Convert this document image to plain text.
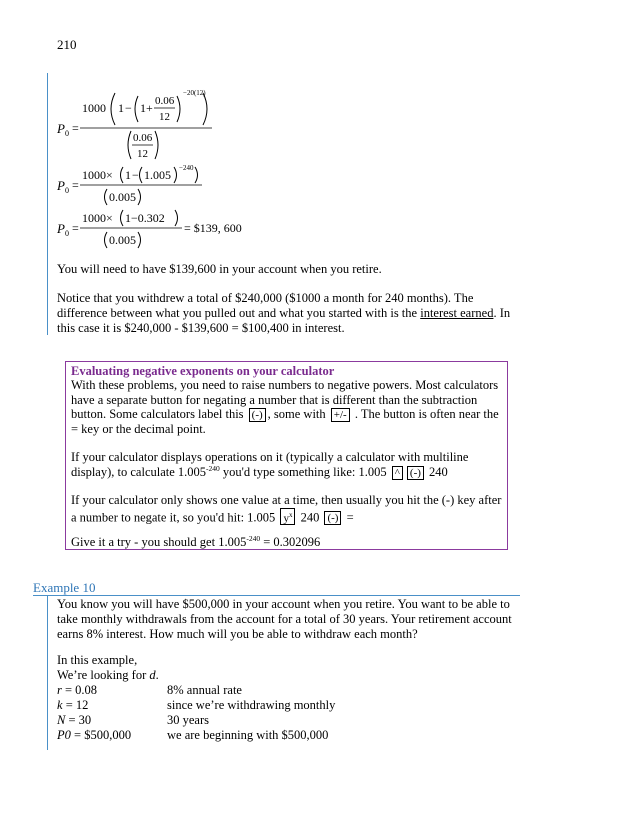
210
P 0 =
1000 1 − 1 + 0.06
12
−20(12)
0.06
12
P 0 =
1000× 1 − 1.005 −240
0.005
P 0 =
1000× 1−0.302
0.005
= $139, 600
You will need to have $139,600 in your account when you retire.
Notice that you withdrew a total of $240,000 ($1000 a month for 240 months). The
difference between what you pulled out and what you started with is the interest earned. In
this case it is $240,000 - $139,600 = $100,400 in interest.
Evaluating negative exponents on your calculator
With these problems, you need to raise numbers to negative powers. Most calculators
have a separate button for negating a number that is different than the subtraction
button. Some calculators label this (-) , some with +/- . The button is often near the
= key or the decimal point.
If your calculator displays operations on it (typically a calculator with multiline
display), to calculate $1.005^{-240}$ you'd type something like: 1.005 ^ (-) 240
If your calculator only shows one value at a time, then usually you hit the (-) key after
a number to negate it, so you'd hit: 1.005 $y^x$ 240 (-) =
Give it a try - you should get $1.005^{-240} = 0.302096$
Example 10
You know you will have $500,000 in your account when you retire. You want to be able to
take monthly withdrawals from the account for a total of 30 years. Your retirement account
earns 8% interest. How much will you be able to withdraw each month?
In this example,
We’re looking for d.
r = 0.08	8% annual rate
k = 12	since we’re withdrawing monthly
N = 30	30 years
P0 = $500,000	we are beginning with $500,000
